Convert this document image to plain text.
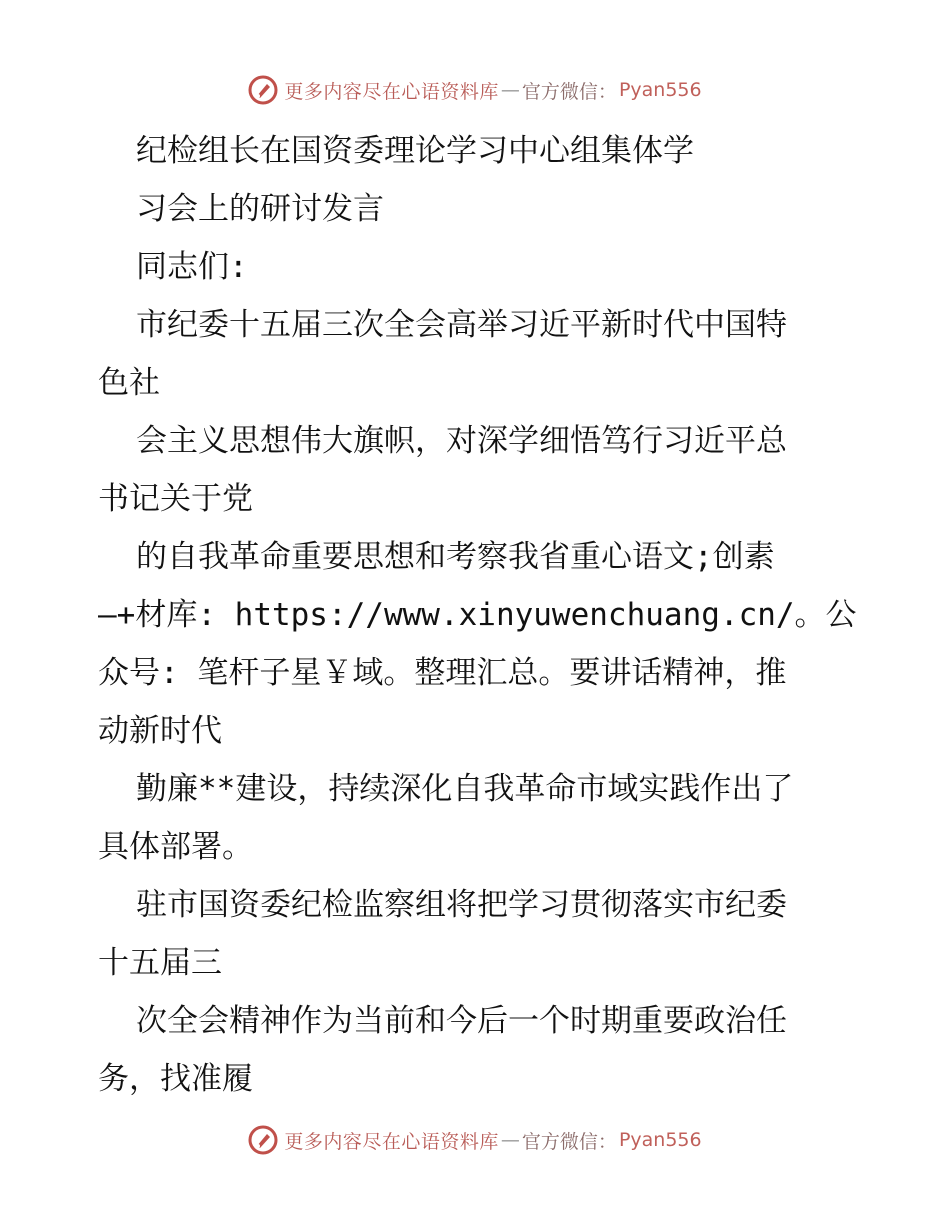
更多内容尽在心语资料库 — 官方微信： Pyan556
纪检组长在国资委理论学习中心组集体学
习会上的研讨发言
同志们:
市纪委十五届三次全会高举习近平新时代中国特
色社
会主义思想伟大旗帜，对深学细悟笃行习近平总
书记关于党
的自我革命重要思想和考察我省重心语文;创素
—+材库: https://www.xinyuwenchuang.cn/。公
众号: 笔杆子星￥域。整理汇总。要讲话精神，推
动新时代
勤廉**建设，持续深化自我革命市域实践作出了
具体部署。
驻市国资委纪检监察组将把学习贯彻落实市纪委
十五届三
次全会精神作为当前和今后一个时期重要政治任
务，找准履
更多内容尽在心语资料库 — 官方微信： Pyan556
